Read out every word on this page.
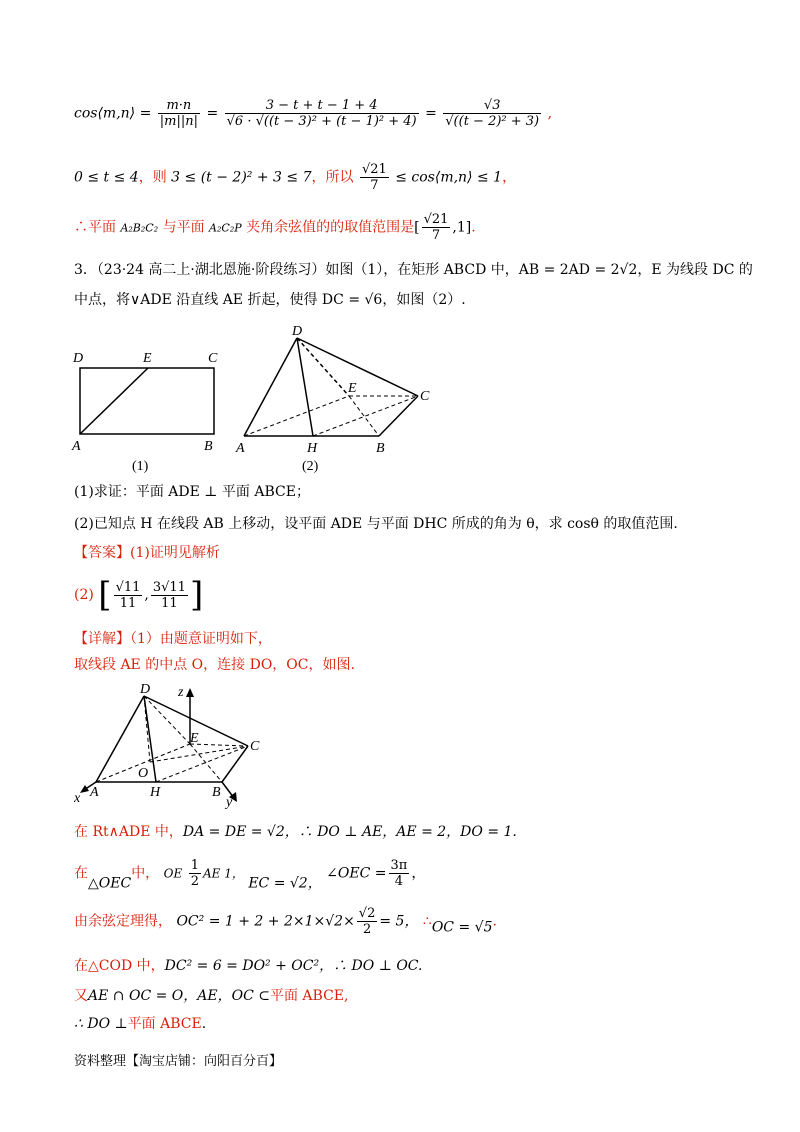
cos⟨m,n⟩ = $\frac{m\cdot n}{|m||n|} = \frac{3 - t + t - 1 + 4}{\text{√6 · √((t − 3)² + (t − 1)² + 4)}} = \frac{√3}{\text{√((t − 2)² + 3)}}$ ,
0 ≤ t ≤ 4，则 3 ≤ (t − 2)² + 3 ≤ 7，所以 $\frac{√21}{7}$ ≤ cos⟨m,n⟩ ≤ 1，
∴平面 A₂B₂C₂ 与平面 A₂C₂P 夹角余弦值的的取值范围是[ $\frac{√21}{7} ,1$].
3．（23·24 高二上·湖北恩施·阶段练习）如图（1），在矩形 ABCD 中，AB = 2AD = 2√2，E 为线段 DC 的
中点，将∨ADE 沿直线 AE 折起，使得 DC = √6，如图（2）.
D	E	C
A	B
(1)
D
E
C
A	H	B
(2)
(1)求证：平面 ADE ⊥ 平面 ABCE；
(2)已知点 H 在线段 AB 上移动，设平面 ADE 与平面 DHC 所成的角为 θ，求 cosθ 的取值范围.
【答案】(1)证明见解析
(2) [ $\frac{√11}{11}$ , $\frac{3√11}{11}$ ]
【详解】（1）由题意证明如下，
取线段 AE 的中点 O，连接 DO，OC，如图.
D z
E
C
O
x A	H	B
y
在 Rt∧ADE 中，DA = DE = √2，∴ DO ⊥ AE，AE = 2，DO = 1.
在△OEC中， OE $\frac{1}{2}$ AE 1， EC = √2， ∠OEC = $\frac{3\pi}{4}$ ，
由余弦定理得， $OC^2 = 1 + 2 + 2\times 1\times√2\times \frac{√2}{2} = 5$， ∴OC = √5.
在△COD 中，DC² = 6 = DO² + OC²，∴ DO ⊥ OC.
又AE ∩ OC = O，AE，OC ⊂平面 ABCE,
∴ DO ⊥平面 ABCE.
资料整理【淘宝店铺：向阳百分百】
